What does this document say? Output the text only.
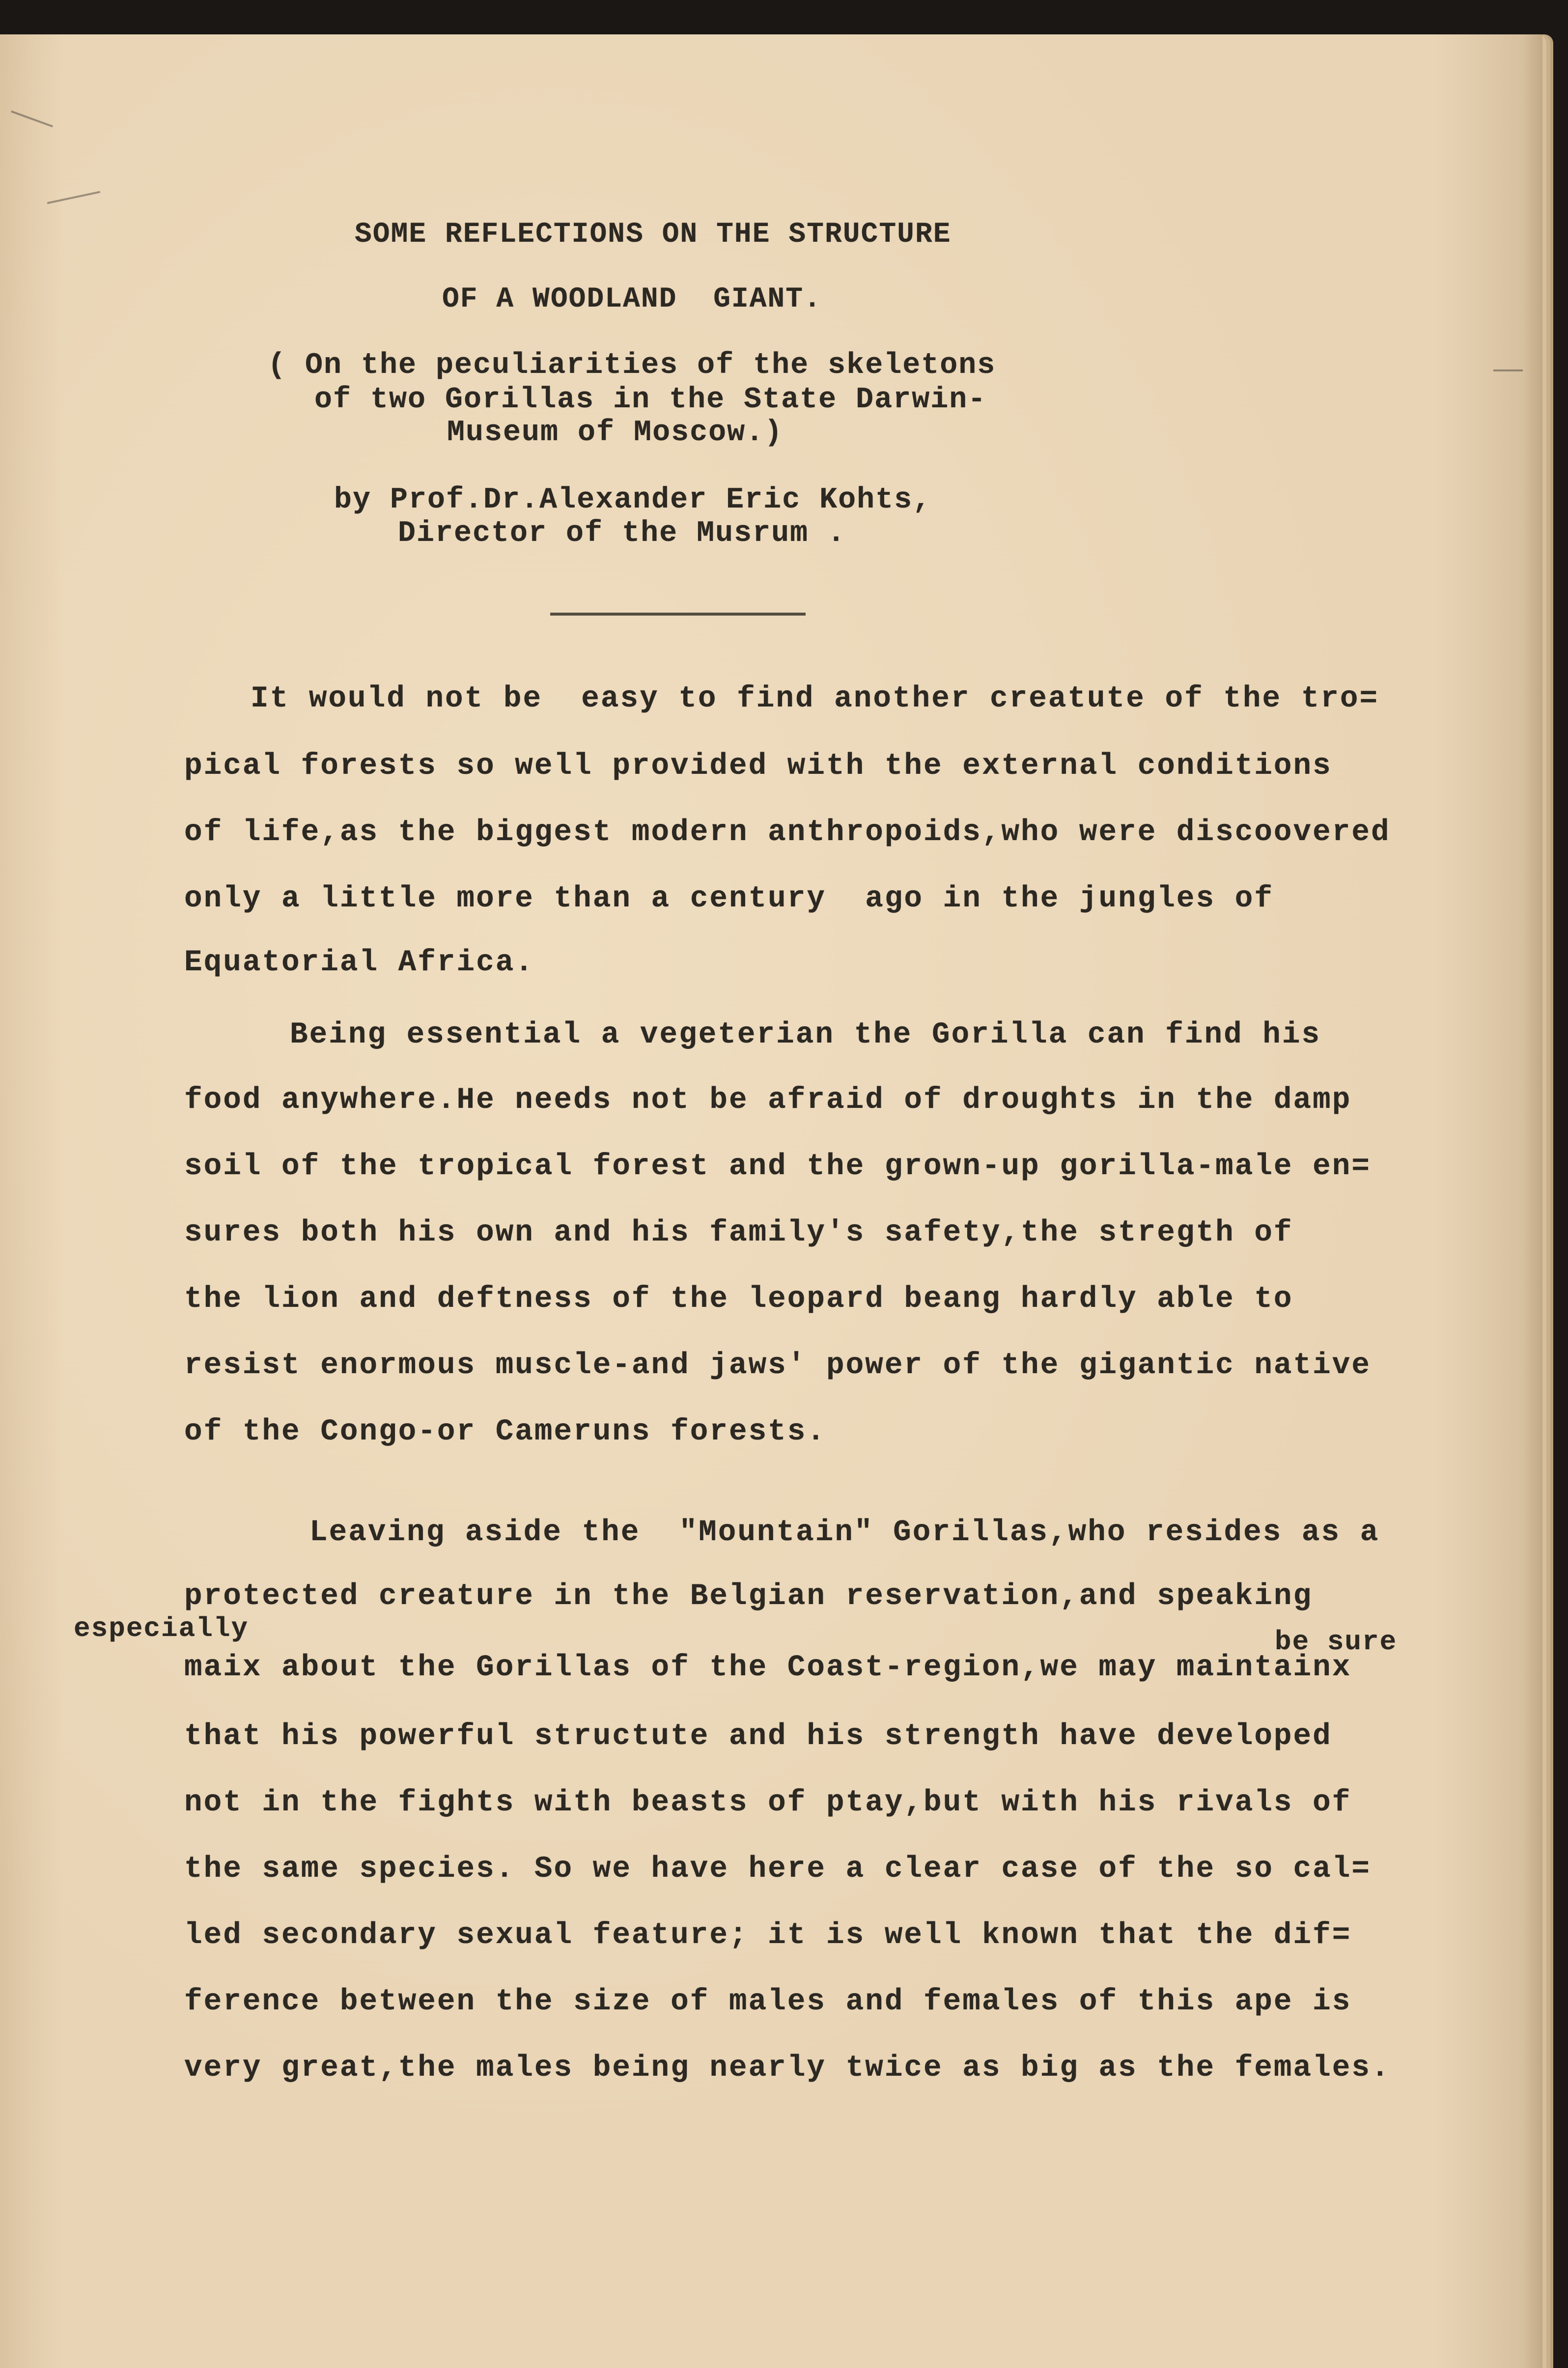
SOME REFLECTIONS ON THE STRUCTURE
OF A WOODLAND  GIANT.
( On the peculiarities of the skeletons
of two Gorillas in the State Darwin-
Museum of Moscow.)
by Prof.Dr.Alexander Eric Kohts,
Director of the Musrum .
It would not be  easy to find another creatute of the tro=
pical forests so well provided with the external conditions
of life,as the biggest modern anthropoids,who were discoovered
only a little more than a century  ago in the jungles of
Equatorial Africa.
Being essential a vegeterian the Gorilla can find his
food anywhere.He needs not be afraid of droughts in the damp
soil of the tropical forest and the grown-up gorilla-male en=
sures both his own and his family's safety,the stregth of
the lion and deftness of the leopard beang hardly able to
resist enormous muscle-and jaws' power of the gigantic native
of the Congo-or Cameruns forests.
Leaving aside the  "Mountain" Gorillas,who resides as a
protected creature in the Belgian reservation,and speaking
especially	be sure
maix about the Gorillas of the Coast-region,we may maintainx
that his powerful structute and his strength have developed
not in the fights with beasts of ptay,but with his rivals of
the same species. So we have here a clear case of the so cal=
led secondary sexual feature; it is well known that the dif=
ference between the size of males and females of this ape is
very great,the males being nearly twice as big as the females.
